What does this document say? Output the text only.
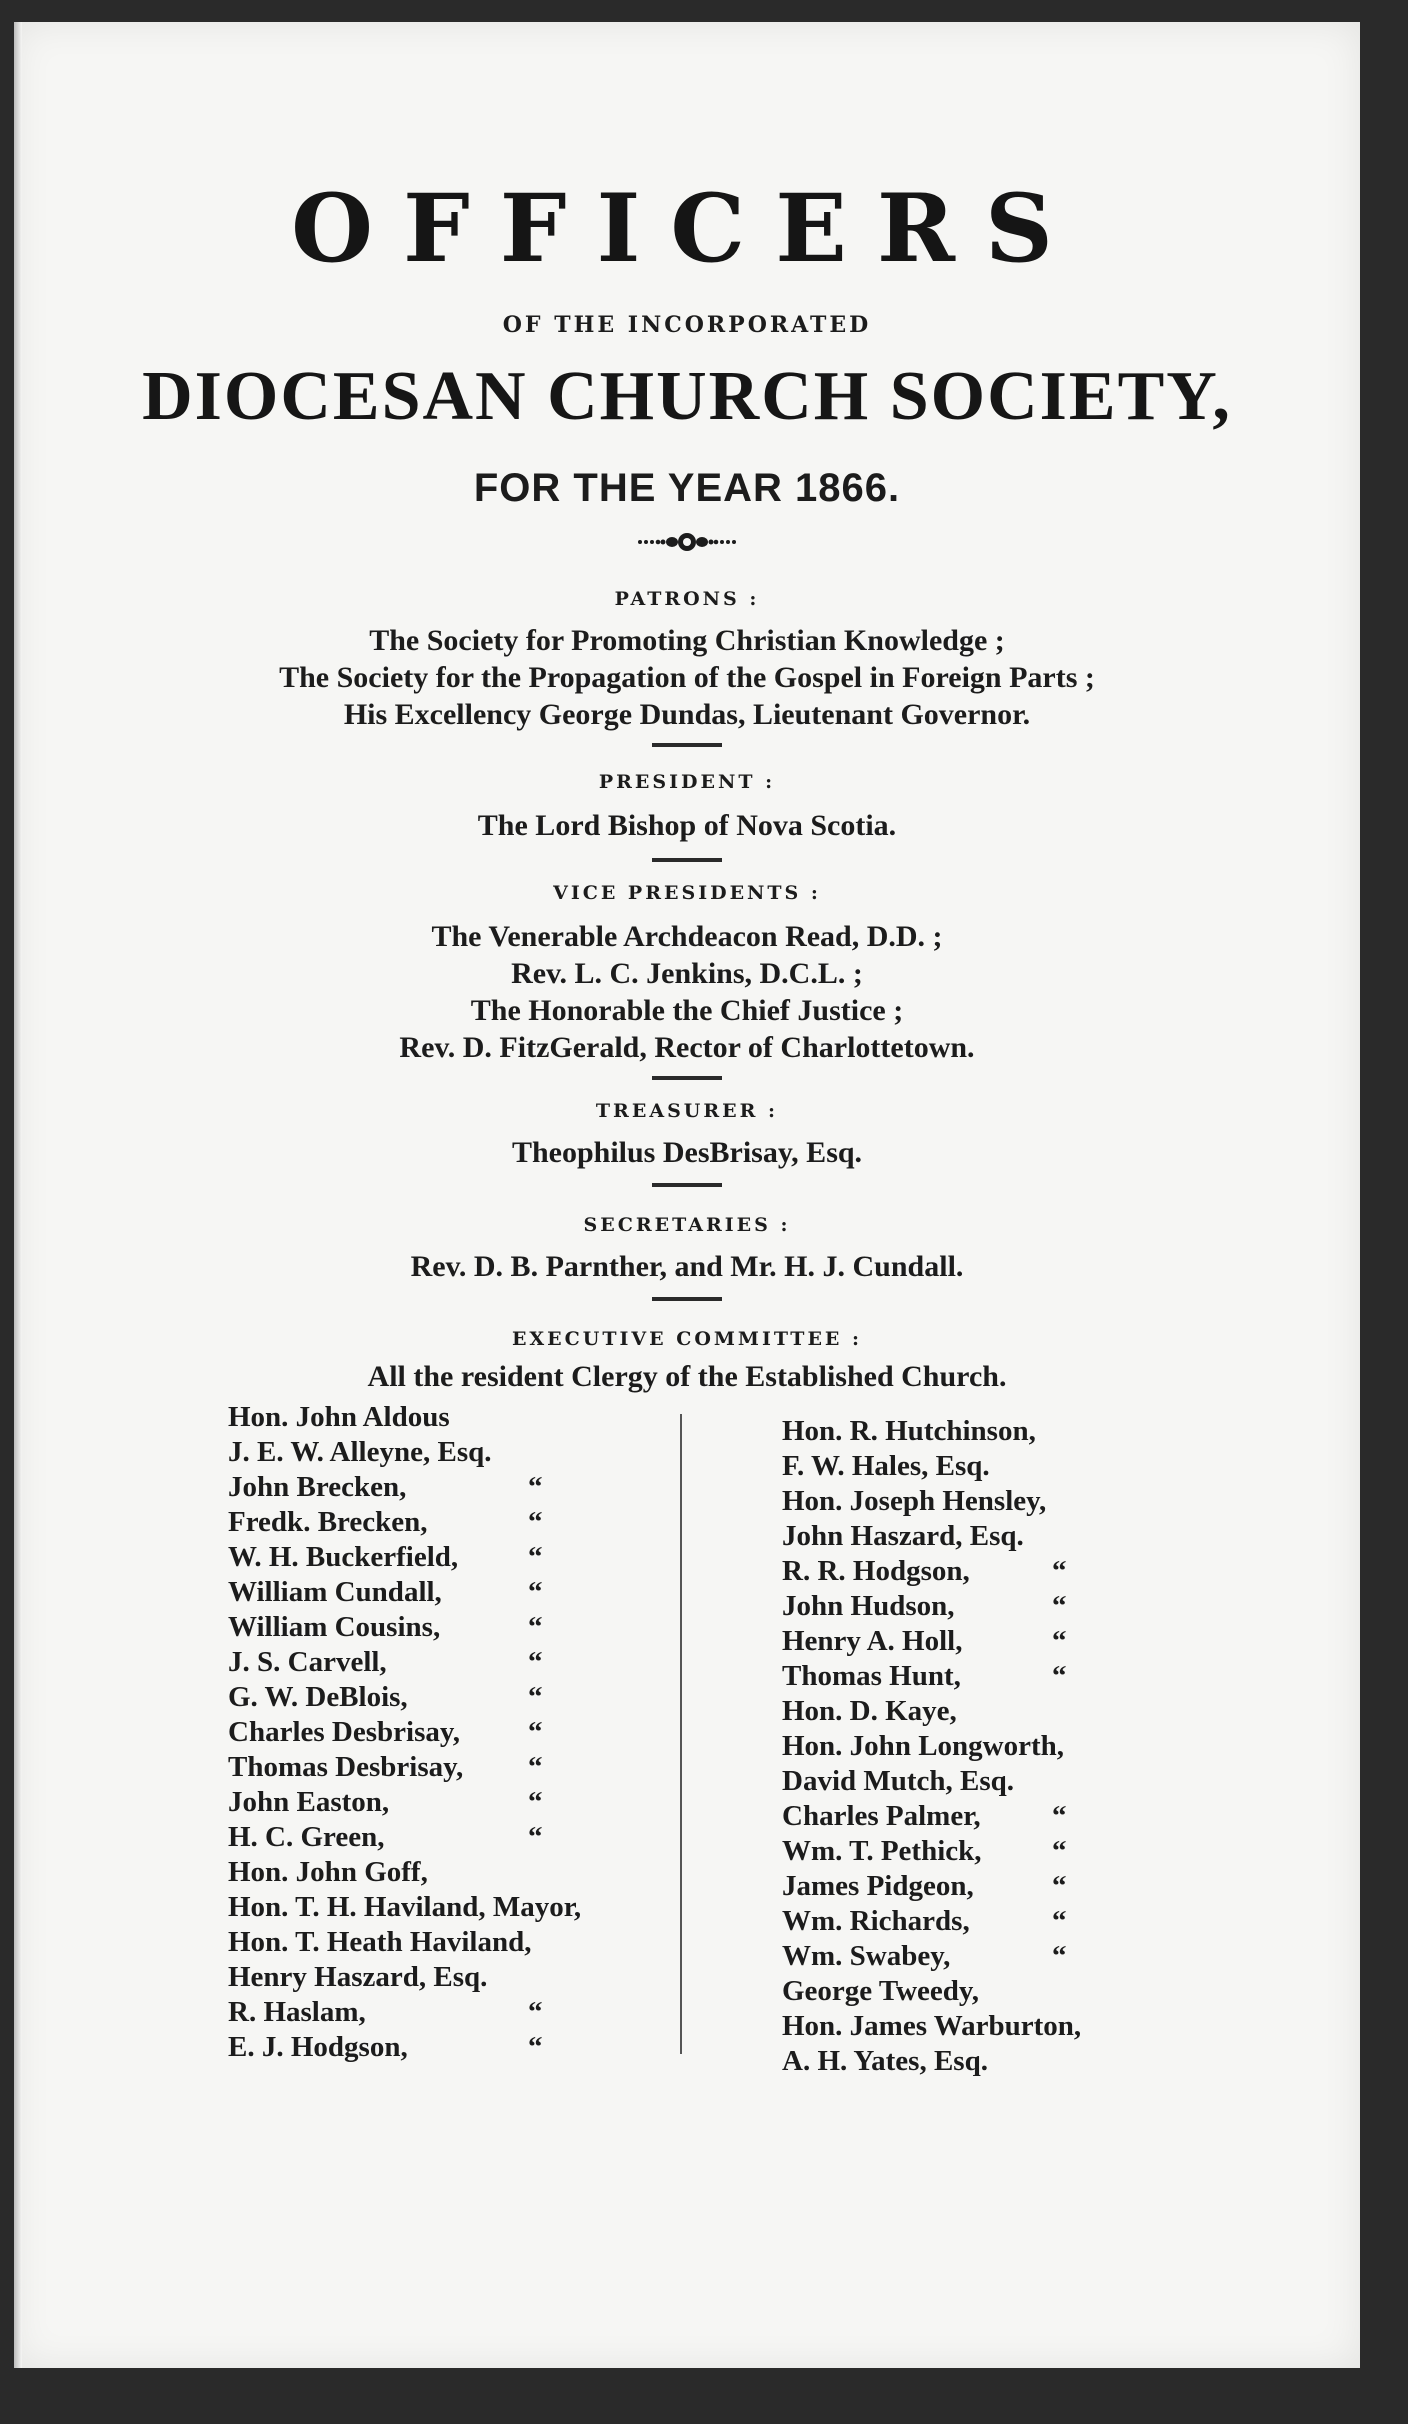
OFFICERS
OF THE INCORPORATED
DIOCESAN CHURCH SOCIETY,
FOR THE YEAR 1866.
PATRONS :
The Society for Promoting Christian Knowledge ;
The Society for the Propagation of the Gospel in Foreign Parts ;
His Excellency George Dundas, Lieutenant Governor.
PRESIDENT :
The Lord Bishop of Nova Scotia.
VICE PRESIDENTS :
The Venerable Archdeacon Read, D.D. ;
Rev. L. C. Jenkins, D.C.L. ;
The Honorable the Chief Justice ;
Rev. D. FitzGerald, Rector of Charlottetown.
TREASURER :
Theophilus DesBrisay, Esq.
SECRETARIES :
Rev. D. B. Parnther, and Mr. H. J. Cundall.
EXECUTIVE COMMITTEE :
All the resident Clergy of the Established Church.
Hon. John Aldous
J. E. W. Alleyne, Esq.
John Brecken,	“
Fredk. Brecken,	“
W. H. Buckerfield, “
William Cundall,	“
William Cousins,	“
J. S. Carvell,	“
G. W. DeBlois,	“
Charles Desbrisay, “
Thomas Desbrisay, “
John Easton,	“
H. C. Green,	“
Hon. John Goff,
Hon. T. H. Haviland, Mayor,
Hon. T. Heath Haviland,
Henry Haszard, Esq.
R. Haslam,	“
E. J. Hodgson,	“
Hon. R. Hutchinson,
F. W. Hales, Esq.
Hon. Joseph Hensley,
John Haszard, Esq.
R. R. Hodgson,	“
John Hudson,	“
Henry A. Holl,	“
Thomas Hunt,	“
Hon. D. Kaye,
Hon. John Longworth,
David Mutch, Esq.
Charles Palmer, “
Wm. T. Pethick, “
James Pidgeon,	“
Wm. Richards,	“
Wm. Swabey,	“
George Tweedy,
Hon. James Warburton,
A. H. Yates, Esq.
